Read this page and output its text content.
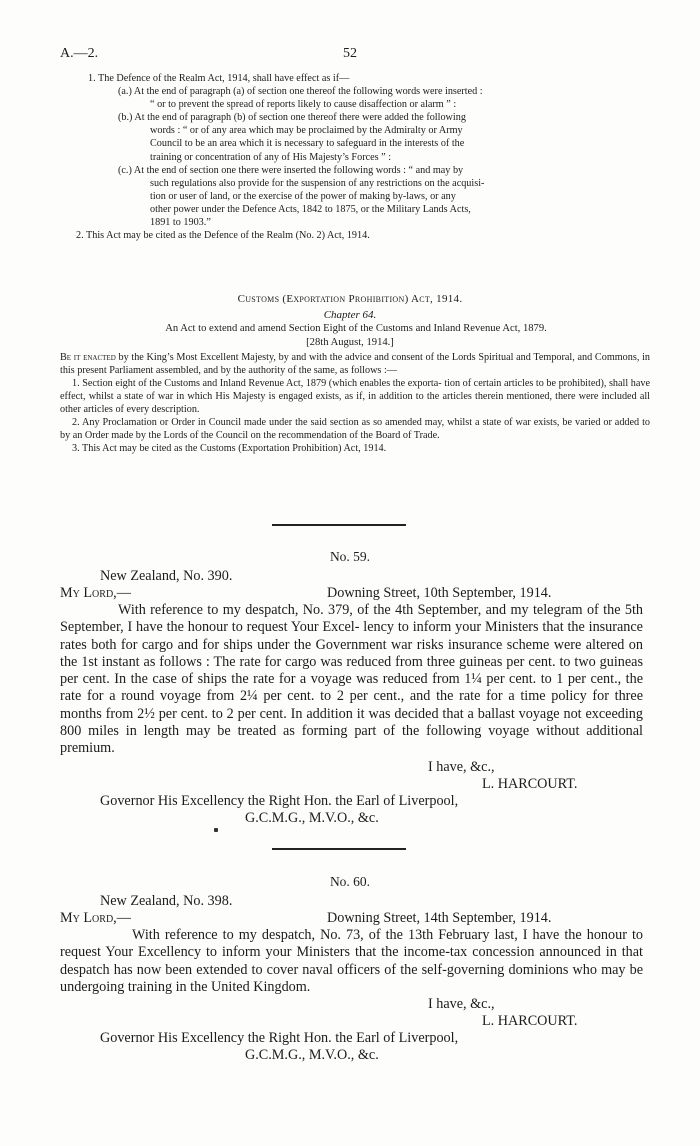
A.—2.	52

1. The Defence of the Realm Act, 1914, shall have effect as if—

(a.) At the end of paragraph (a) of section one thereof the following words were inserted :

“ or to prevent the spread of reports likely to cause disaffection or alarm ” :

(b.) At the end of paragraph (b) of section one thereof there were added the following

words : “ or of any area which may be proclaimed by the Admiralty or Army

Council to be an area which it is necessary to safeguard in the interests of the

training or concentration of any of His Majesty’s Forces ” :

(c.) At the end of section one there were inserted the following words : “ and may by

such regulations also provide for the suspension of any restrictions on the acquisi-

tion or user of land, or the exercise of the power of making by-laws, or any

other power under the Defence Acts, 1842 to 1875, or the Military Lands Acts,

1891 to 1903.”

2. This Act may be cited as the Defence of the Realm (No. 2) Act, 1914.

Customs (Exportation Prohibition) Act, 1914.
Chapter 64.
An Act to extend and amend Section Eight of the Customs and Inland Revenue Act, 1879.
[28th August, 1914.]

Be it enacted by the King’s Most Excellent Majesty, by and with the advice and consent of the Lords Spiritual and Temporal, and Commons, in this present Parliament assembled, and by the authority of the same, as follows :—

1. Section eight of the Customs and Inland Revenue Act, 1879 (which enables the exporta- tion of certain articles to be prohibited), shall have effect, whilst a state of war in which His Majesty is engaged exists, as if, in addition to the articles therein mentioned, there were included all other articles of every description.

2. Any Proclamation or Order in Council made under the said section as so amended may, whilst a state of war exists, be varied or added to by an Order made by the Lords of the Council on the recommendation of the Board of Trade.

3. This Act may be cited as the Customs (Exportation Prohibition) Act, 1914.

No. 59.
New Zealand, No. 390.
My Lord,—	Downing Street, 10th September, 1914.

With reference to my despatch, No. 379, of the 4th September, and my telegram of the 5th September, I have the honour to request Your Excel- lency to inform your Ministers that the insurance rates both for cargo and for ships under the Government war risks insurance scheme were altered on the 1st instant as follows : The rate for cargo was reduced from three guineas per cent. to two guineas per cent. In the case of ships the rate for a voyage was reduced from 1¼ per cent. to 1 per cent., the rate for a round voyage from 2¼ per cent. to 2 per cent., and the rate for a time policy for three months from 2½ per cent. to 2 per cent. In addition it was decided that a ballast voyage not exceeding 800 miles in length may be treated as forming part of the following voyage without additional premium.

I have, &c.,
L. HARCOURT.
Governor His Excellency the Right Hon. the Earl of Liverpool,
G.C.M.G., M.V.O., &c.
No. 60.
New Zealand, No. 398.
My Lord,—	Downing Street, 14th September, 1914.

With reference to my despatch, No. 73, of the 13th February last, I have the honour to request Your Excellency to inform your Ministers that the income-tax concession announced in that despatch has now been extended to cover naval officers of the self-governing dominions who may be undergoing training in the United Kingdom.

I have, &c.,
L. HARCOURT.
Governor His Excellency the Right Hon. the Earl of Liverpool,
G.C.M.G., M.V.O., &c.
